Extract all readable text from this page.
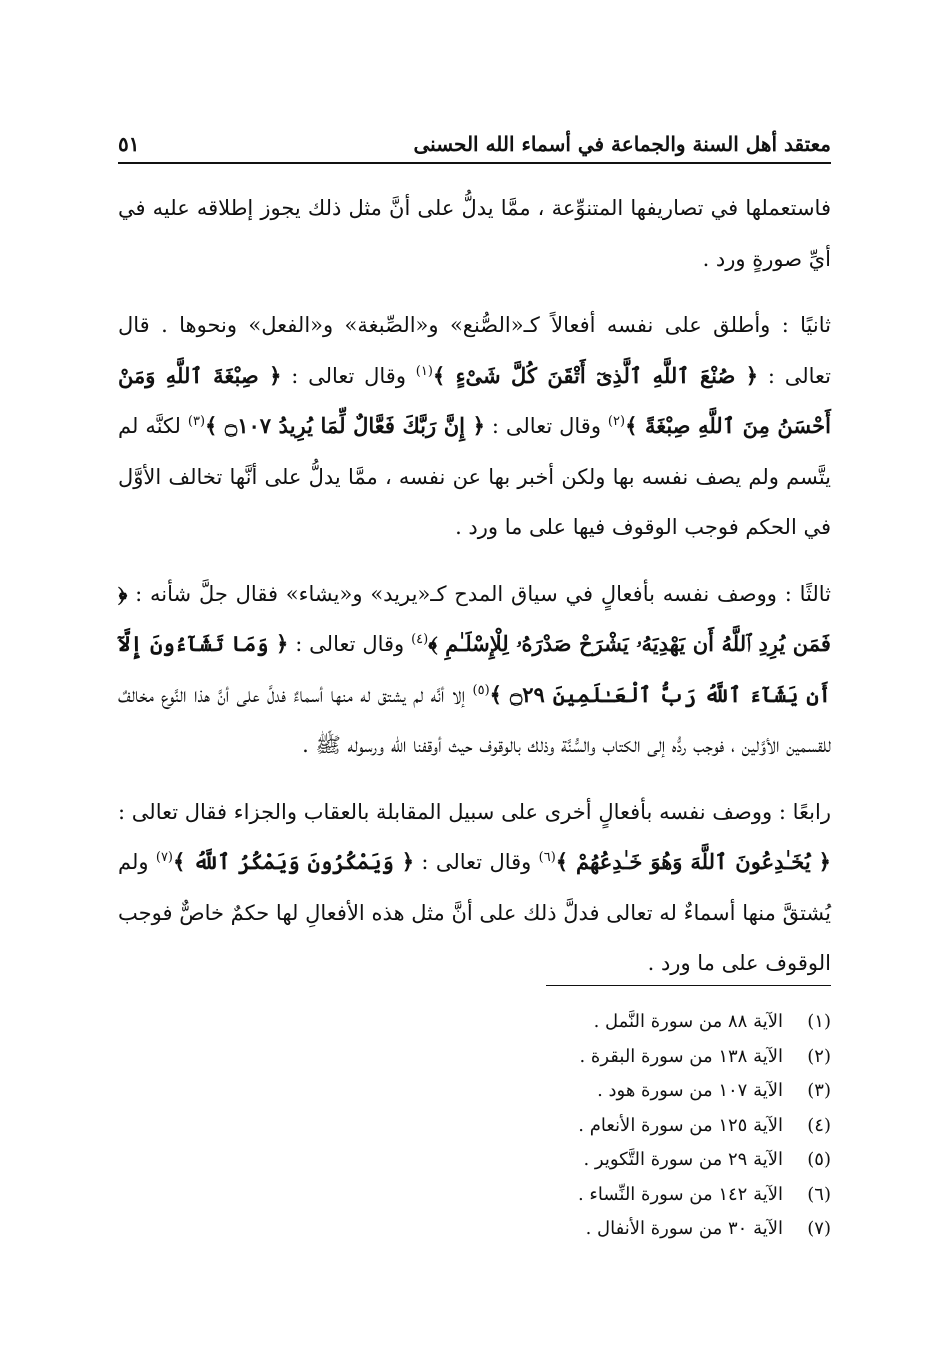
معتقد أهل السنة والجماعة في أسماء الله الحسنى
٥١

فاستعملها في تصاريفها المتنوِّعة ، ممَّا يدلُّ على أنَّ مثل ذلك يجوز إطلاقه عليه في أيِّ صورةٍ ورد .

ثانيًا : وأطلق على نفسه أفعالاً كـ«الصُّنع» و«الصِّبغة» و«الفعل» ونحوها . قال تعالى : ﴿ صُنْعَ ٱللَّهِ ٱلَّذِىٓ أَتْقَنَ كُلَّ شَىْءٍ ﴾$^{(١)}$ وقال تعالى : ﴿ صِبْغَةَ ٱللَّهِ وَمَنْ أَحْسَنُ مِنَ ٱللَّهِ صِبْغَةً ﴾$^{(٢)}$ وقال تعالى : ﴿ إِنَّ رَبَّكَ فَعَّالٌ لِّمَا يُرِيدُ ۝١٠٧ ﴾$^{(٣)}$ لكنَّه لم يتَّسم ولم يصف نفسه بها ولكن أخبر بها عن نفسه ، ممَّا يدلُّ على أنَّها تخالف الأوَّل في الحكم فوجب الوقوف فيها على ما ورد .

ثالثًا : ووصف نفسه بأفعالٍ في سياق المدح كـ«يريد» و«يشاء» فقال جلَّ شأنه : ﴿ فَمَن يُرِدِ ٱللَّهُ أَن يَهْدِيَهُۥ يَشْرَحْ صَدْرَهُۥ لِلْإِسْلَـٰمِ ﴾$^{(٤)}$ وقال تعالى : ﴿ وَمَا تَشَآءُونَ إِلَّآ أَن يَشَآءَ ٱللَّهُ رَبُّ ٱلْعَـٰلَمِينَ ۝٢٩ ﴾$^{(٥)}$ إلا أنَّه لم يشتق له منها أسماءٌ فدلَّ على أنَّ هذا النَّوع مخالفٌ للقسمين الأوَّلين ، فوجب ردُّه إلى الكتاب والسُّنَّة وذلك بالوقوف حيث أوقفنا الله ورسوله ﷺ .

رابعًا : ووصف نفسه بأفعالٍ أخرى على سبيل المقابلة بالعقاب والجزاء فقال تعالى : ﴿ يُخَـٰدِعُونَ ٱللَّهَ وَهُوَ خَـٰدِعُهُمْ ﴾$^{(٦)}$ وقال تعالى : ﴿ وَيَمْكُرُونَ وَيَمْكُرُ ٱللَّهُ ﴾$^{(٧)}$ ولم يُشتقَّ منها أسماءٌ له تعالى فدلَّ ذلك على أنَّ مثل هذه الأفعالِ لها حكمٌ خاصٌّ فوجب الوقوف على ما ورد .

(١)
الآية ٨٨ من سورة النَّمل .
(٢)
الآية ١٣٨ من سورة البقرة .
(٣)
الآية ١٠٧ من سورة هود .
(٤)
الآية ١٢٥ من سورة الأنعام .
(٥)
الآية ٢٩ من سورة التَّكوير .
(٦)
الآية ١٤٢ من سورة النِّساء .
(٧)
الآية ٣٠ من سورة الأنفال .
